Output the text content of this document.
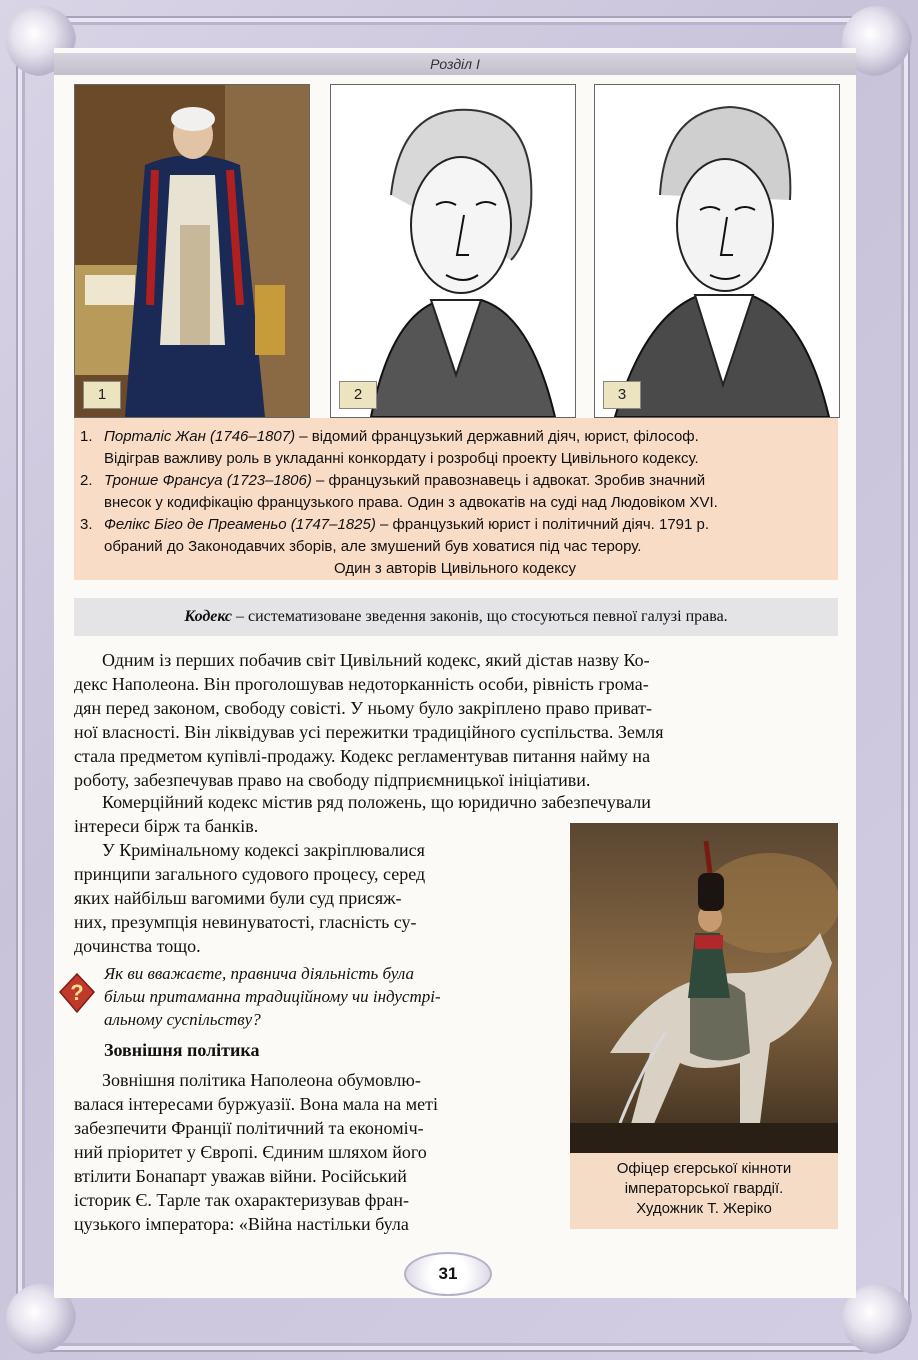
Розділ I
1	2	3
1. Порталіс Жан (1746–1807) – відомий французький державний діяч, юрист, філософ.
Відіграв важливу роль в укладанні конкордату і розробці проекту Цивільного кодексу.
2. Тронше Франсуа (1723–1806) – французький правознавець і адвокат. Зробив значний
внесок у кодифікацію французького права. Один з адвокатів на суді над Людовіком XVI.
3. Фелікс Біго де Преаменьо (1747–1825) – французький юрист і політичний діяч. 1791 р.
обраний до Законодавчих зборів, але змушений був ховатися під час терору.
Один з авторів Цивільного кодексу
Кодекс – систематизоване зведення законів, що стосуються певної галузі права.
Одним із перших побачив світ Цивільний кодекс, який дістав назву Ко-
декс Наполеона. Він проголошував недоторканність особи, рівність грома-
дян перед законом, свободу совісті. У ньому було закріплено право приват-
ної власності. Він ліквідував усі пережитки традиційного суспільства. Земля
стала предметом купівлі-продажу. Кодекс регламентував питання найму на
роботу, забезпечував право на свободу підприємницької ініціативи.
Комерційний кодекс містив ряд положень, що юридично забезпечували
інтереси бірж та банків.
У Кримінальному кодексі закріплювалися
принципи загального судового процесу, серед
яких найбільш вагомими були суд присяж-
них, презумпція невинуватості, гласність су-
дочинства тощо.
?
Як ви вважаєте, правнича діяльність була
більш притаманна традиційному чи індустрі-
альному суспільству?
Зовнішня політика
Зовнішня політика Наполеона обумовлю-
валася інтересами буржуазії. Вона мала на меті
забезпечити Франції політичний та економіч-
ний пріоритет у Європі. Єдиним шляхом його
втілити Бонапарт уважав війни. Російський
історик Є. Тарле так охарактеризував фран-
цузького імператора: «Війна настільки була
Офіцер єгерської кінноти
імператорської гвардії.
Художник Т. Жеріко
31
